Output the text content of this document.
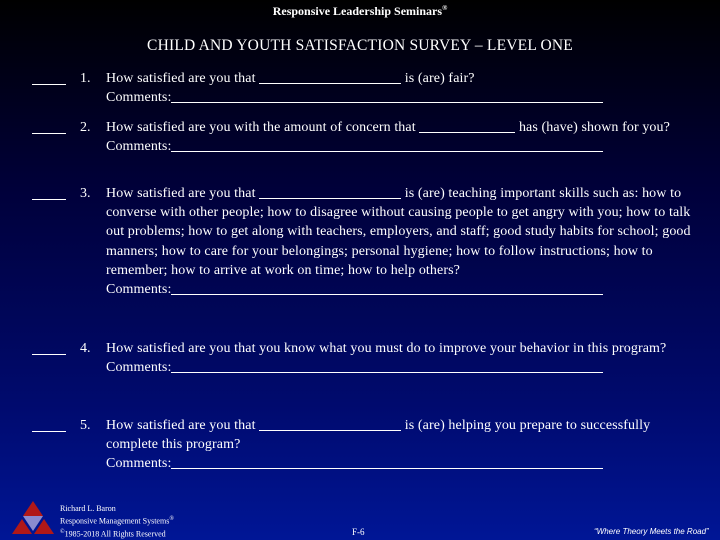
Responsive Leadership Seminars®
CHILD AND YOUTH SATISFACTION SURVEY – LEVEL ONE
1. How satisfied are you that	is (are) fair?
Comments:
2. How satisfied are you with the amount of concern that	has (have) shown for you?
Comments:
3. How satisfied are you that	is (are) teaching important skills such as: how to converse with other people; how to disagree without causing people to get angry with you; how to talk out problems; how to get along with teachers, employers, and staff; good study habits for school; good manners; how to care for your belongings; personal hygiene; how to follow instructions; how to remember; how to arrive at work on time; how to help others?
Comments:
4. How satisfied are you that you know what you must do to improve your behavior in this program?
Comments:
5. How satisfied are you that	is (are) helping you prepare to successfully complete this program?
Comments:
Richard L. Baron
Responsive Management Systems®
©1985-2018 All Rights Reserved	F-6	“Where Theory Meets the Road”
